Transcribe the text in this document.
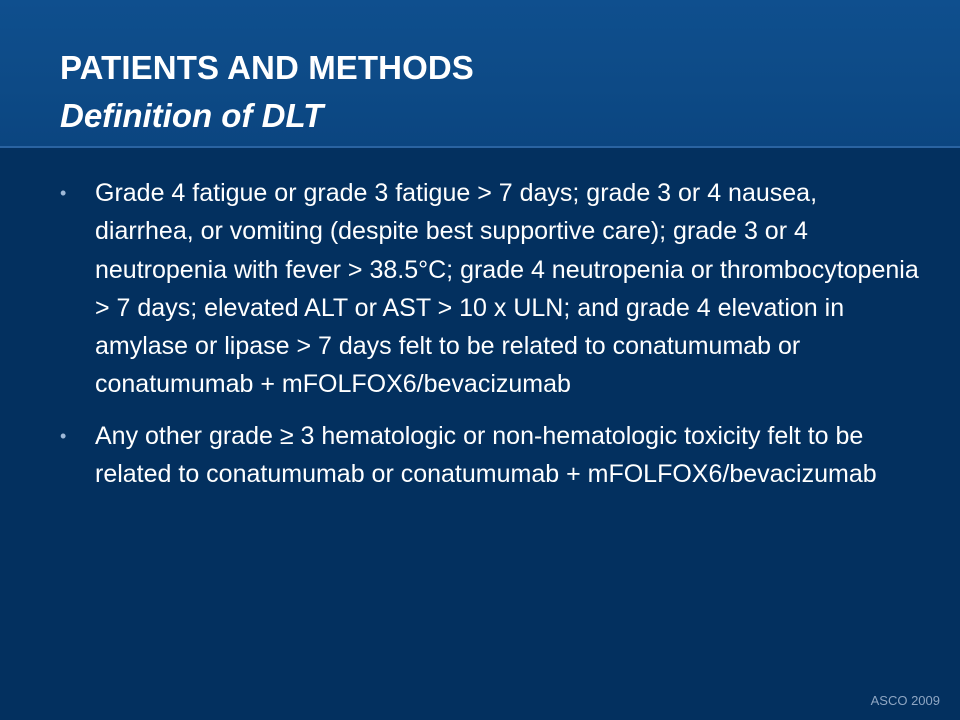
PATIENTS AND METHODS
Definition of DLT
• Grade 4 fatigue or grade 3 fatigue > 7 days; grade 3 or 4 nausea, diarrhea, or vomiting (despite best supportive care); grade 3 or 4 neutropenia with fever > 38.5°C; grade 4 neutropenia or thrombocytopenia > 7 days; elevated ALT or AST > 10 x ULN; and grade 4 elevation in amylase or lipase > 7 days felt to be related to conatumumab or conatumumab + mFOLFOX6/bevacizumab
• Any other grade ≥ 3 hematologic or non-hematologic toxicity felt to be related to conatumumab or conatumumab + mFOLFOX6/bevacizumab
ASCO 2009
